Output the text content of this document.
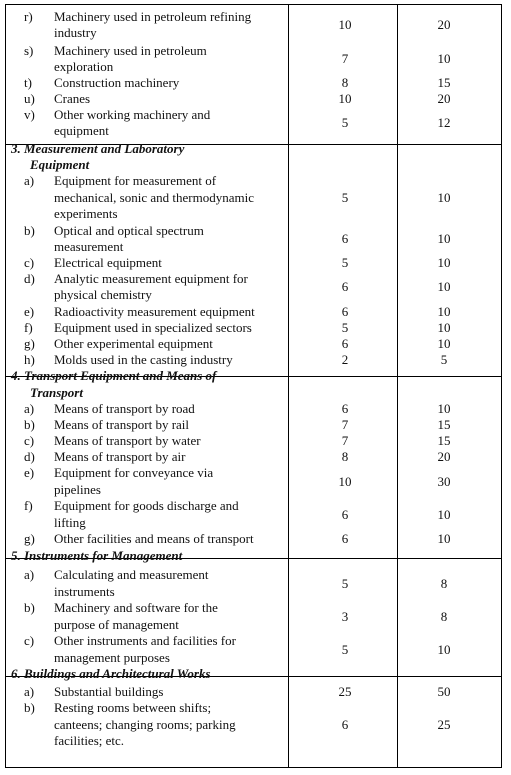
r) Machinery used in petroleum refining
industry
10	20
s) Machinery used in petroleum
exploration
7	10
t) Construction machinery	8	15
u) Cranes	10	20
v) Other working machinery and
equipment
5	12
3. Measurement and Laboratory
Equipment
a) Equipment for measurement of
mechanical, sonic and thermodynamic
experiments
5	10
b) Optical and optical spectrum
measurement
6	10
c) Electrical equipment	5	10
d) Analytic measurement equipment for
physical chemistry
6	10
e) Radioactivity measurement equipment	6	10
f) Equipment used in specialized sectors	5	10
g) Other experimental equipment	6	10
h) Molds used in the casting industry	2	5
4. Transport Equipment and Means of
Transport
a) Means of transport by road	6	10
b) Means of transport by rail	7	15
c) Means of transport by water	7	15
d) Means of transport by air	8	20
e) Equipment for conveyance via
pipelines
10	30
f) Equipment for goods discharge and
lifting
6	10
g) Other facilities and means of transport	6	10
5. Instruments for Management
a) Calculating and measurement
instruments
5	8
b) Machinery and software for the
purpose of management
3	8
c) Other instruments and facilities for
management purposes
5	10
6. Buildings and Architectural Works
a) Substantial buildings	25	50
b) Resting rooms between shifts;
canteens; changing rooms; parking
facilities; etc.
6	25
